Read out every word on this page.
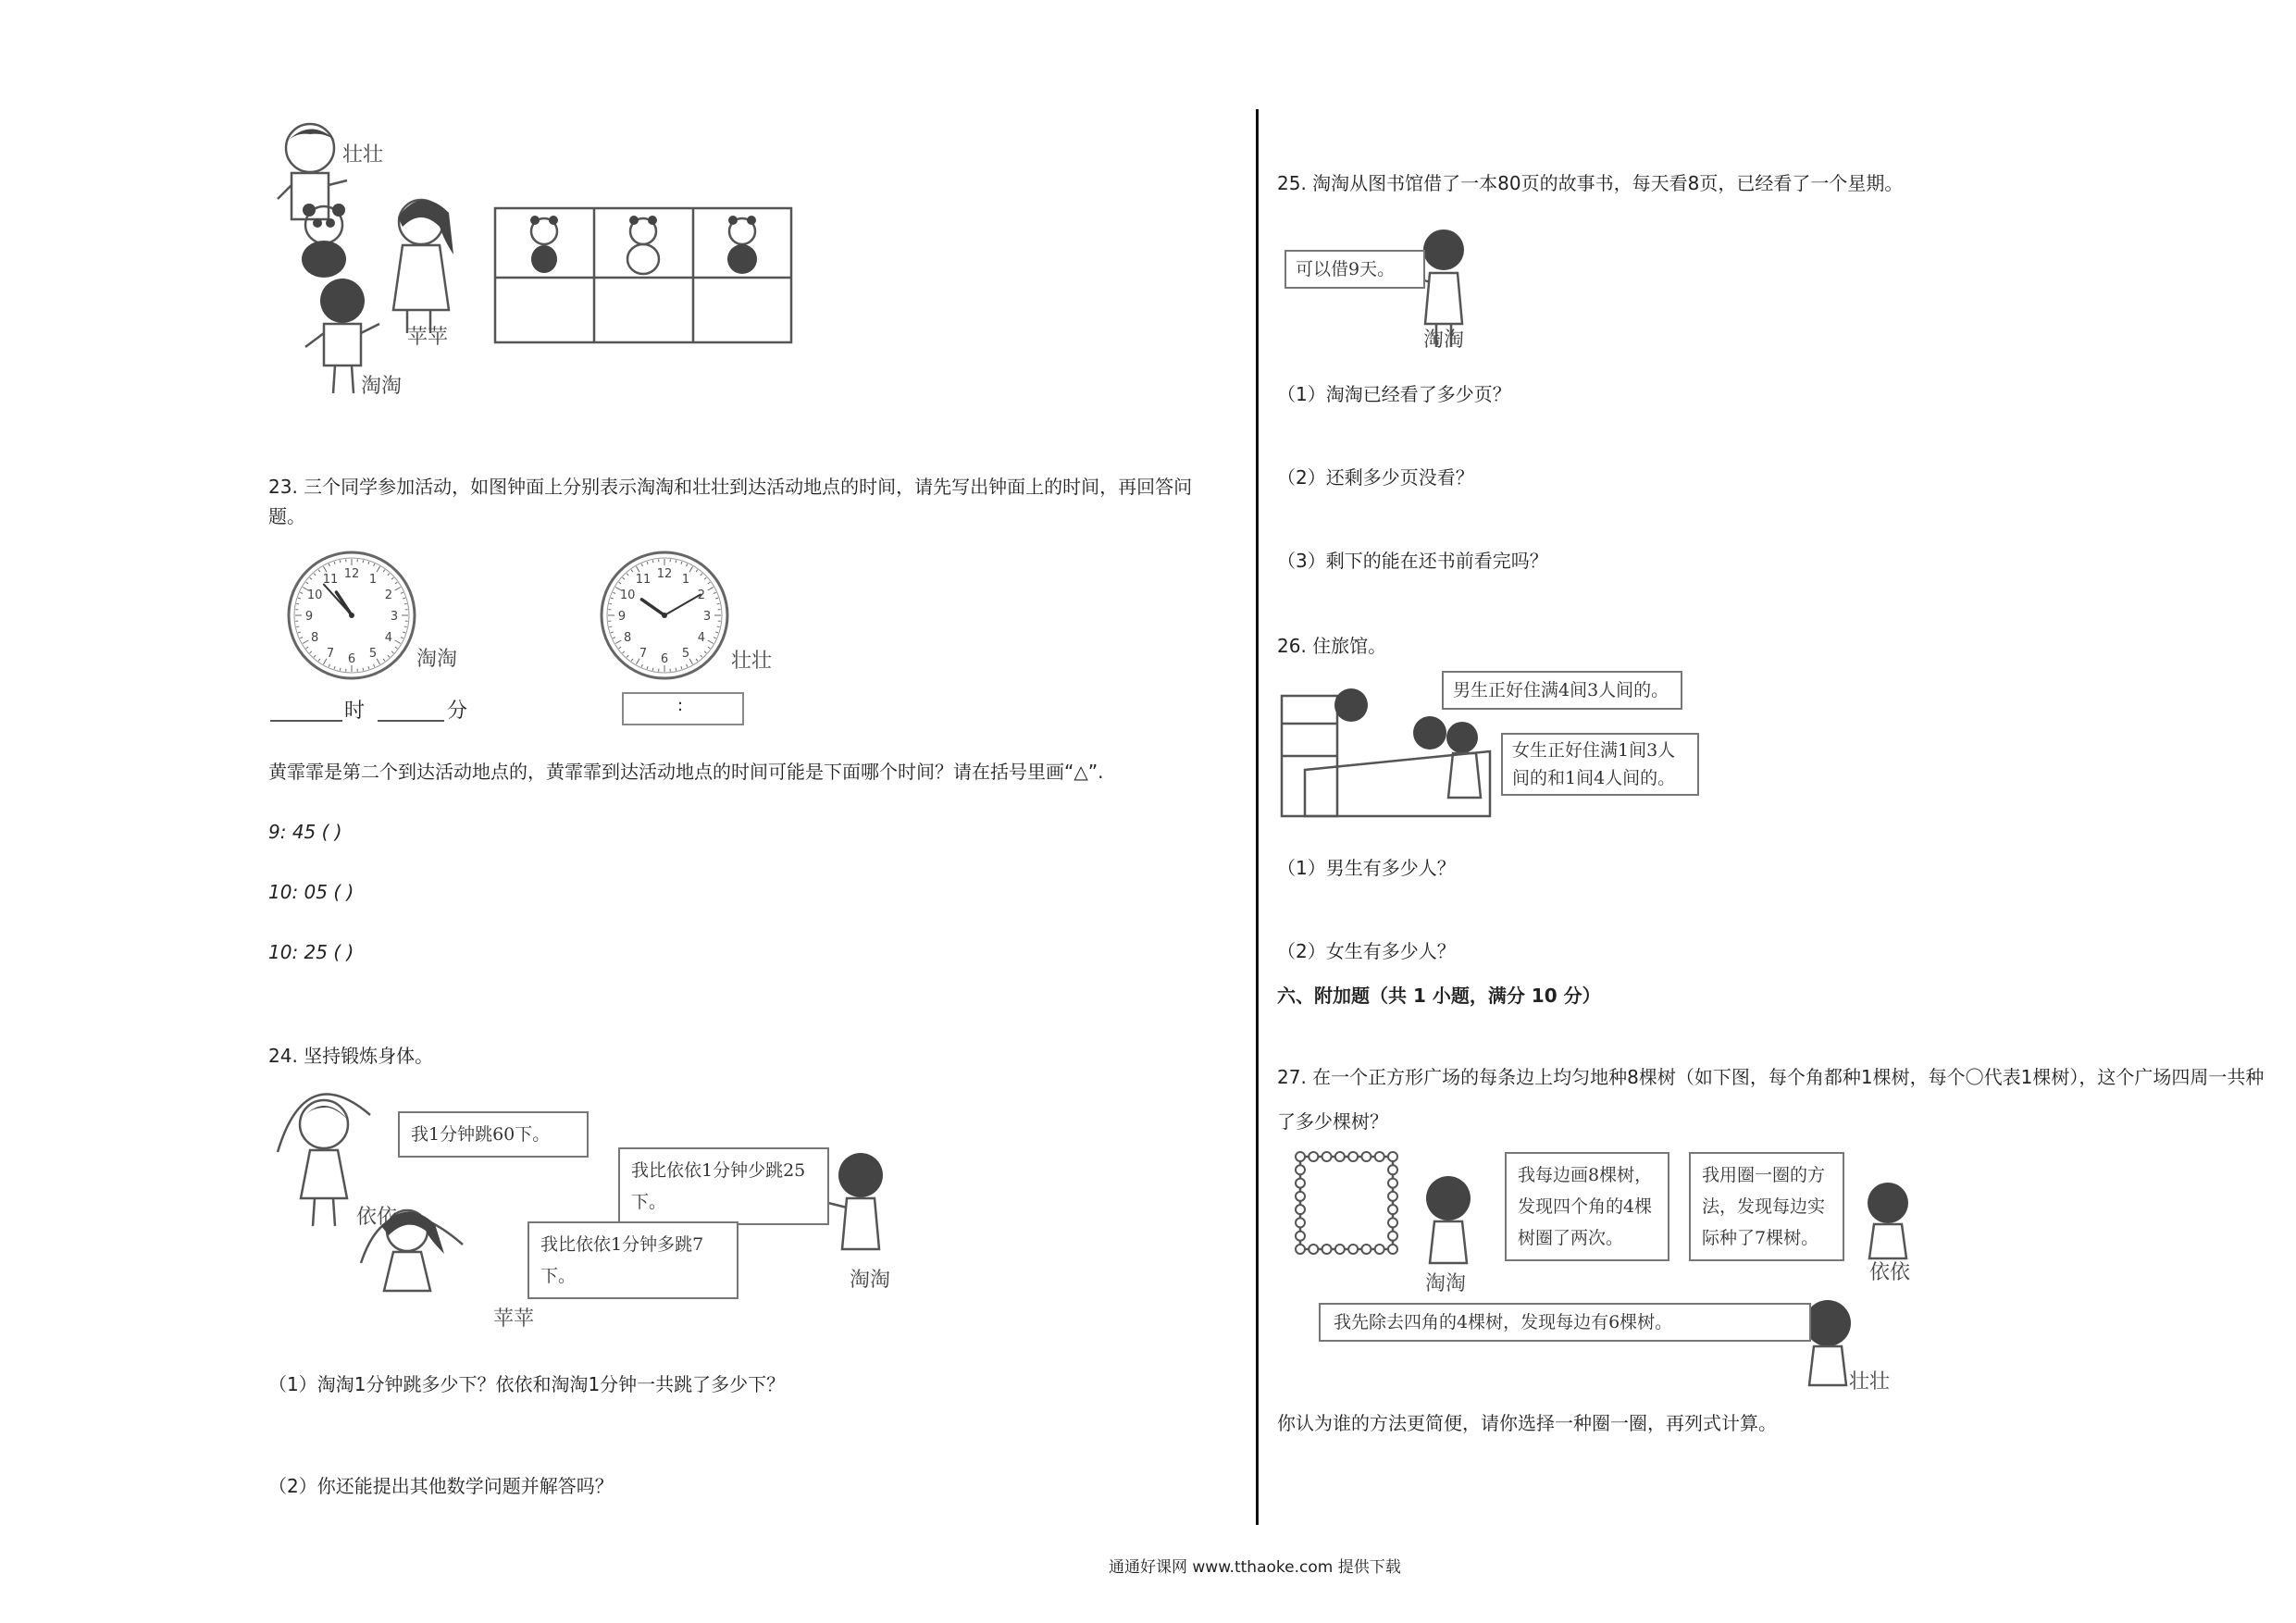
壮壮
苹苹
淘淘
23. 三个同学参加活动，如图钟面上分别表示淘淘和壮壮到达活动地点的时间，请先写出钟面上的时间，再回答问题。
1
2
3
4
5
6
7
8
9
10
11 12
淘淘
1
2
3
4
5
6
7
8
9
10
11 12
壮壮
时	分	:
黄霏霏是第二个到达活动地点的，黄霏霏到达活动地点的时间可能是下面哪个时间？请在括号里画“△”.
9: 45 ( )
10: 05 ( )
10: 25 ( )
24. 坚持锻炼身体。
我1分钟跳60下。
我比依依1分钟少跳25下。
我比依依1分钟多跳7下。
依依
苹苹
淘淘
（1）淘淘1分钟跳多少下？依依和淘淘1分钟一共跳了多少下？
（2）你还能提出其他数学问题并解答吗？
25. 淘淘从图书馆借了一本80页的故事书，每天看8页，已经看了一个星期。
可以借9天。
淘淘
（1）淘淘已经看了多少页？
（2）还剩多少页没看？
（3）剩下的能在还书前看完吗？
26. 住旅馆。
男生正好住满4间3人间的。
女生正好住满1间3人间的和1间4人间的。
（1）男生有多少人？
（2）女生有多少人？
六、附加题（共 1 小题，满分 10 分）
27. 在一个正方形广场的每条边上均匀地种8棵树（如下图，每个角都种1棵树，每个〇代表1棵树），这个广场四周一共种了多少棵树？
我每边画8棵树，发现四个角的4棵树圈了两次。
我用圈一圈的方法，发现每边实际种了7棵树。
我先除去四角的4棵树，发现每边有6棵树。
淘淘	依依
壮壮
你认为谁的方法更简便，请你选择一种圈一圈，再列式计算。
通通好课网 www.tthaoke.com 提供下载
